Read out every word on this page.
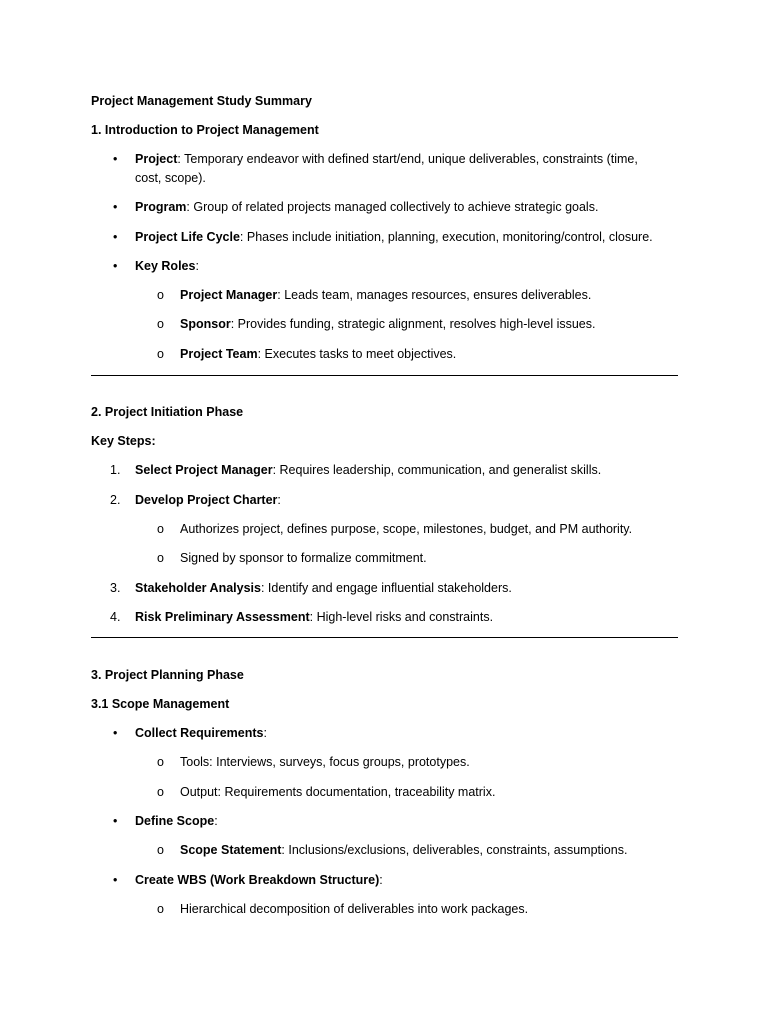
Project Management Study Summary
1. Introduction to Project Management
•	Project: Temporary endeavor with defined start/end, unique deliverables, constraints (time,
cost, scope).
•	Program: Group of related projects managed collectively to achieve strategic goals.
•	Project Life Cycle: Phases include initiation, planning, execution, monitoring/control, closure.
•	Key Roles:
o	Project Manager: Leads team, manages resources, ensures deliverables.
o	Sponsor: Provides funding, strategic alignment, resolves high-level issues.
o	Project Team: Executes tasks to meet objectives.
2. Project Initiation Phase
Key Steps:
1.	Select Project Manager: Requires leadership, communication, and generalist skills.
2.	Develop Project Charter:
o	Authorizes project, defines purpose, scope, milestones, budget, and PM authority.
o	Signed by sponsor to formalize commitment.
3.	Stakeholder Analysis: Identify and engage influential stakeholders.
4.	Risk Preliminary Assessment: High-level risks and constraints.
3. Project Planning Phase
3.1 Scope Management
•	Collect Requirements:
o	Tools: Interviews, surveys, focus groups, prototypes.
o	Output: Requirements documentation, traceability matrix.
•	Define Scope:
o	Scope Statement: Inclusions/exclusions, deliverables, constraints, assumptions.
•	Create WBS (Work Breakdown Structure):
o	Hierarchical decomposition of deliverables into work packages.
